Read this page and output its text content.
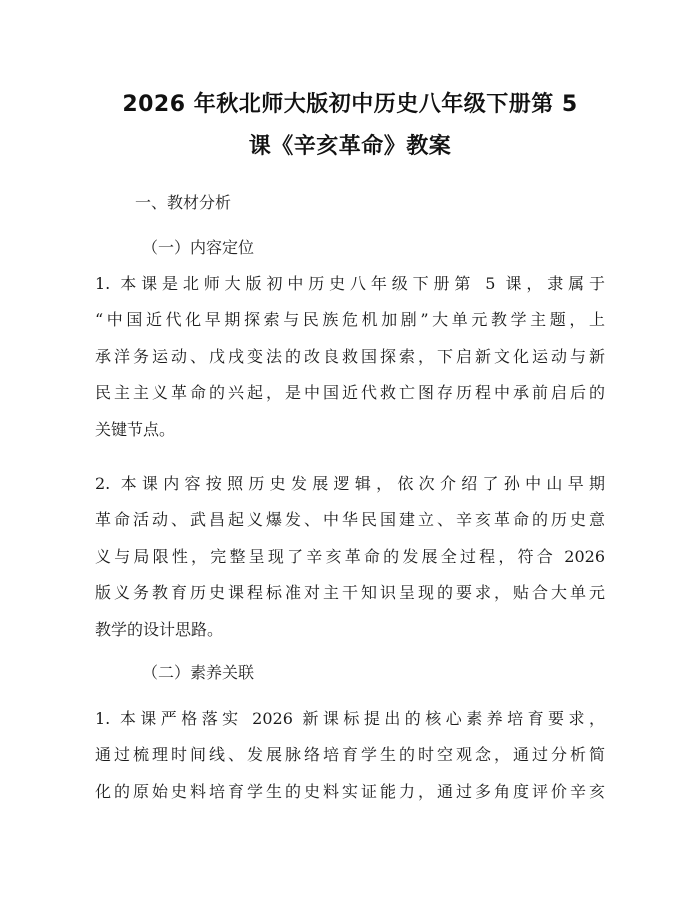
2026 年秋北师大版初中历史八年级下册第 5
课《辛亥革命》教案

一、教材分析

（一）内容定位

1. 本课是北师大版初中历史八年级下册第 5 课，隶属于
“中国近代化早期探索与民族危机加剧”大单元教学主题，上
承洋务运动、戊戌变法的改良救国探索，下启新文化运动与新
民主主义革命的兴起，是中国近代救亡图存历程中承前启后的
关键节点。
2. 本课内容按照历史发展逻辑，依次介绍了孙中山早期
革命活动、武昌起义爆发、中华民国建立、辛亥革命的历史意
义与局限性，完整呈现了辛亥革命的发展全过程，符合 2026
版义务教育历史课程标准对主干知识呈现的要求，贴合大单元
教学的设计思路。

（二）素养关联

1. 本课严格落实 2026 新课标提出的核心素养培育要求，
通过梳理时间线、发展脉络培育学生的时空观念，通过分析简
化的原始史料培育学生的史料实证能力，通过多角度评价辛亥
